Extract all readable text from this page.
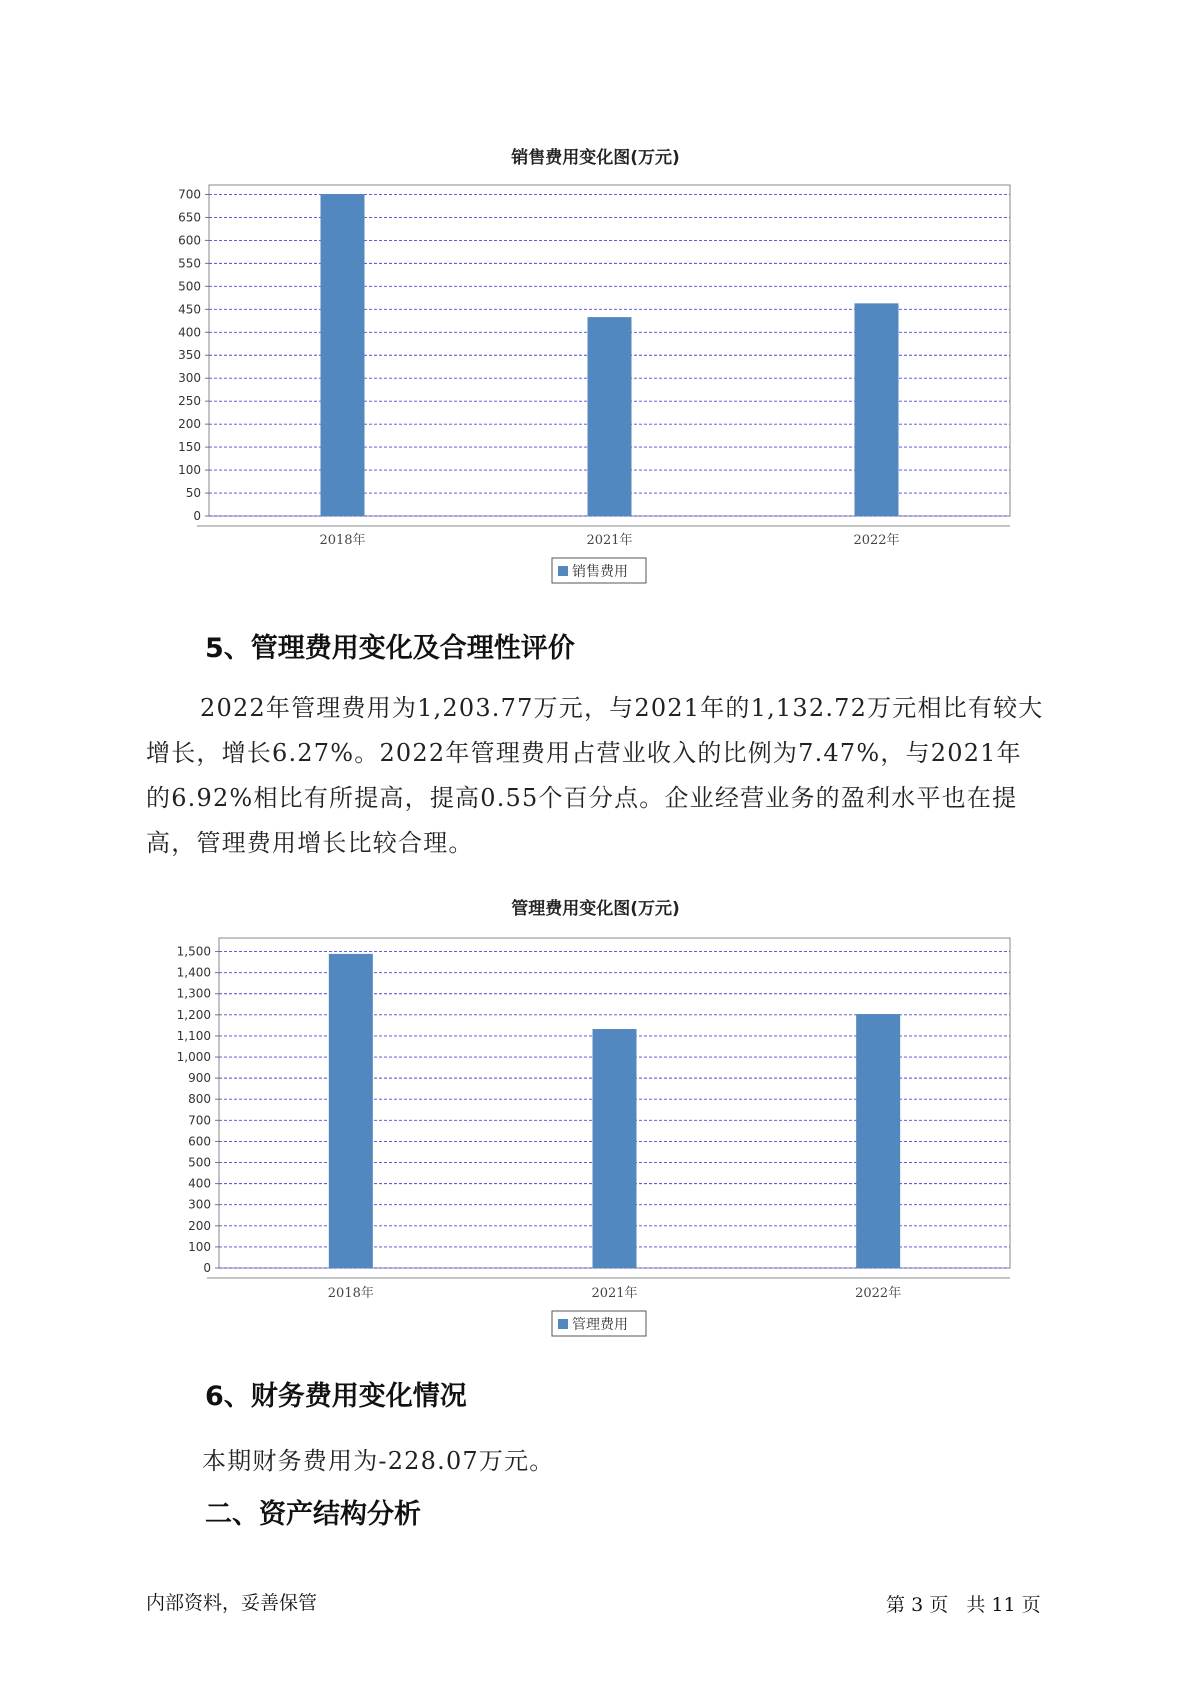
销售费用变化图(万元)
0
50
100
150
200
250
300
350
400
450
500
550
600
650
700
2018年	2021年	2022年
销售费用
5、管理费用变化及合理性评价
2022年管理费用为1,203.77万元，与2021年的1,132.72万元相比有较大增长，增长6.27%。2022年管理费用占营业收入的比例为7.47%，与2021年的6.92%相比有所提高，提高0.55个百分点。企业经营业务的盈利水平也在提高，管理费用增长比较合理。
管理费用变化图(万元)
0
100
200
300
400
500
600
700
800
900
1,000
1,100
1,200
1,300
1,400
1,500
2018年	2021年	2022年
管理费用
6、财务费用变化情况
本期财务费用为-228.07万元。
二、资产结构分析
内部资料，妥善保管	第 3 页 共 11 页
